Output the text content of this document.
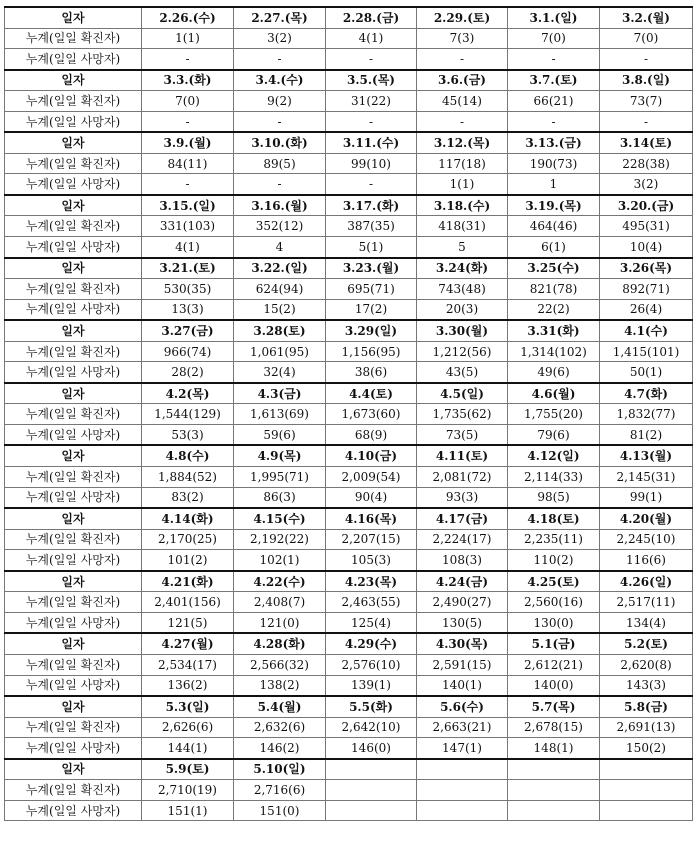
일자	2.26.(수)	2.27.(목)	2.28.(금)	2.29.(토)	3.1.(일)	3.2.(월)
누계(일일 확진자)	1(1)	3(2)	4(1)	7(3)	7(0)	7(0)
누계(일일 사망자)	-	-	-	-	-	-
일자	3.3.(화)	3.4.(수)	3.5.(목)	3.6.(금)	3.7.(토)	3.8.(일)
누계(일일 확진자)	7(0)	9(2)	31(22)	45(14)	66(21)	73(7)
누계(일일 사망자)	-	-	-	-	-	-
일자	3.9.(월)	3.10.(화)	3.11.(수)	3.12.(목)	3.13.(금)	3.14(토)
누계(일일 확진자)	84(11)	89(5)	99(10)	117(18)	190(73)	228(38)
누계(일일 사망자)	-	-	-	1(1)	1	3(2)
일자	3.15.(일)	3.16.(월)	3.17.(화)	3.18.(수)	3.19.(목)	3.20.(금)
누계(일일 확진자)	331(103)	352(12)	387(35)	418(31)	464(46)	495(31)
누계(일일 사망자)	4(1)	4	5(1)	5	6(1)	10(4)
일자	3.21.(토)	3.22.(일)	3.23.(월)	3.24(화)	3.25(수)	3.26(목)
누계(일일 확진자)	530(35)	624(94)	695(71)	743(48)	821(78)	892(71)
누계(일일 사망자)	13(3)	15(2)	17(2)	20(3)	22(2)	26(4)
일자	3.27(금)	3.28(토)	3.29(일)	3.30(월)	3.31(화)	4.1(수)
누계(일일 확진자)	966(74)	1,061(95)	1,156(95)	1,212(56)	1,314(102)	1,415(101)
누계(일일 사망자)	28(2)	32(4)	38(6)	43(5)	49(6)	50(1)
일자	4.2(목)	4.3(금)	4.4(토)	4.5(일)	4.6(월)	4.7(화)
누계(일일 확진자)	1,544(129)	1,613(69)	1,673(60)	1,735(62)	1,755(20)	1,832(77)
누계(일일 사망자)	53(3)	59(6)	68(9)	73(5)	79(6)	81(2)
일자	4.8(수)	4.9(목)	4.10(금)	4.11(토)	4.12(일)	4.13(월)
누계(일일 확진자)	1,884(52)	1,995(71)	2,009(54)	2,081(72)	2,114(33)	2,145(31)
누계(일일 사망자)	83(2)	86(3)	90(4)	93(3)	98(5)	99(1)
일자	4.14(화)	4.15(수)	4.16(목)	4.17(금)	4.18(토)	4.20(월)
누계(일일 확진자)	2,170(25)	2,192(22)	2,207(15)	2,224(17)	2,235(11)	2,245(10)
누계(일일 사망자)	101(2)	102(1)	105(3)	108(3)	110(2)	116(6)
일자	4.21(화)	4.22(수)	4.23(목)	4.24(금)	4.25(토)	4.26(일)
누계(일일 확진자)	2,401(156)	2,408(7)	2,463(55)	2,490(27)	2,560(16)	2,517(11)
누계(일일 사망자)	121(5)	121(0)	125(4)	130(5)	130(0)	134(4)
일자	4.27(월)	4.28(화)	4.29(수)	4.30(목)	5.1(금)	5.2(토)
누계(일일 확진자)	2,534(17)	2,566(32)	2,576(10)	2,591(15)	2,612(21)	2,620(8)
누계(일일 사망자)	136(2)	138(2)	139(1)	140(1)	140(0)	143(3)
일자	5.3(일)	5.4(월)	5.5(화)	5.6(수)	5.7(목)	5.8(금)
누계(일일 확진자)	2,626(6)	2,632(6)	2,642(10)	2,663(21)	2,678(15)	2,691(13)
누계(일일 사망자)	144(1)	146(2)	146(0)	147(1)	148(1)	150(2)
일자	5.9(토)	5.10(일)				
누계(일일 확진자)	2,710(19)	2,716(6)				
누계(일일 사망자)	151(1)	151(0)				
